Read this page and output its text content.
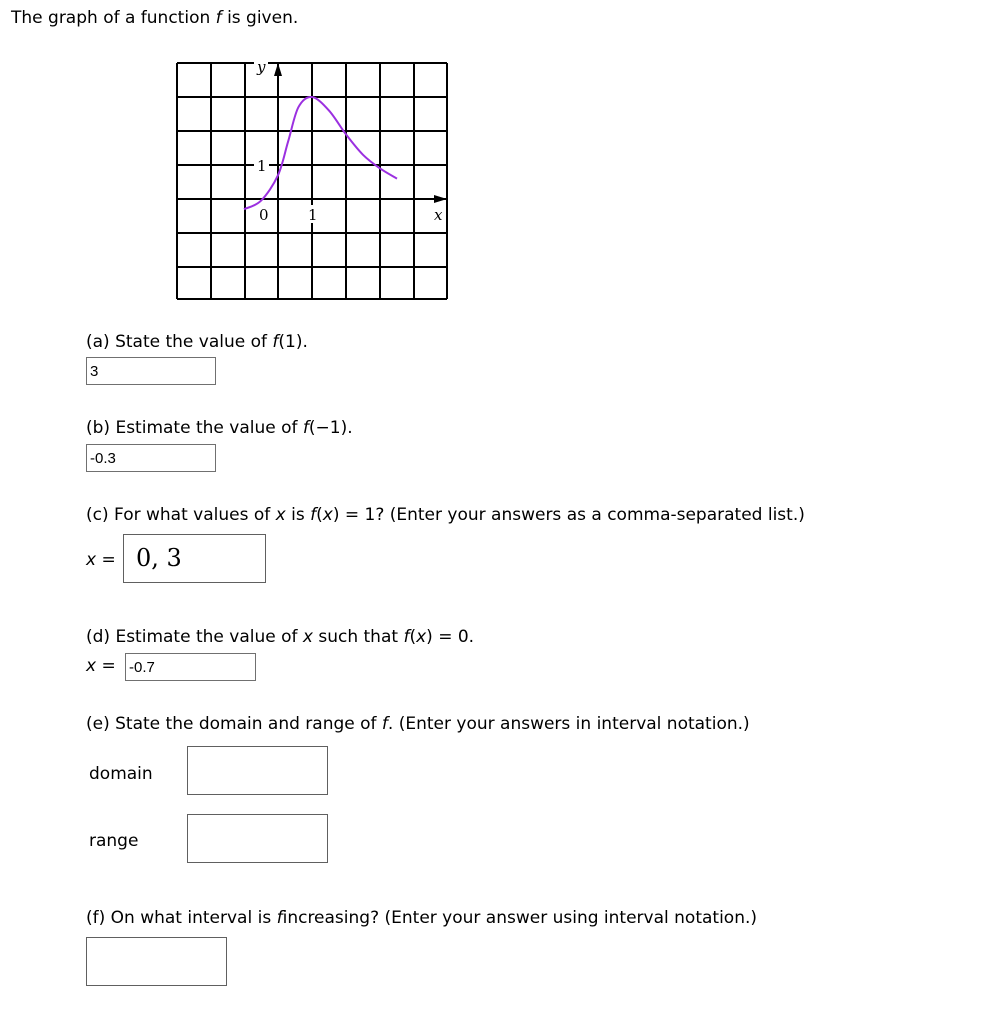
The graph of a function f is given.
y
1
0	1	x
(a) State the value of f(1).
3
(b) Estimate the value of f(−1).
-0.3
(c) For what values of x is f(x) = 1? (Enter your answers as a comma-separated list.)
x = 0, 3
(d) Estimate the value of x such that f(x) = 0.
x =
-0.7
(e) State the domain and range of f. (Enter your answers in interval notation.)
domain
range
(f) On what interval is fincreasing? (Enter your answer using interval notation.)
